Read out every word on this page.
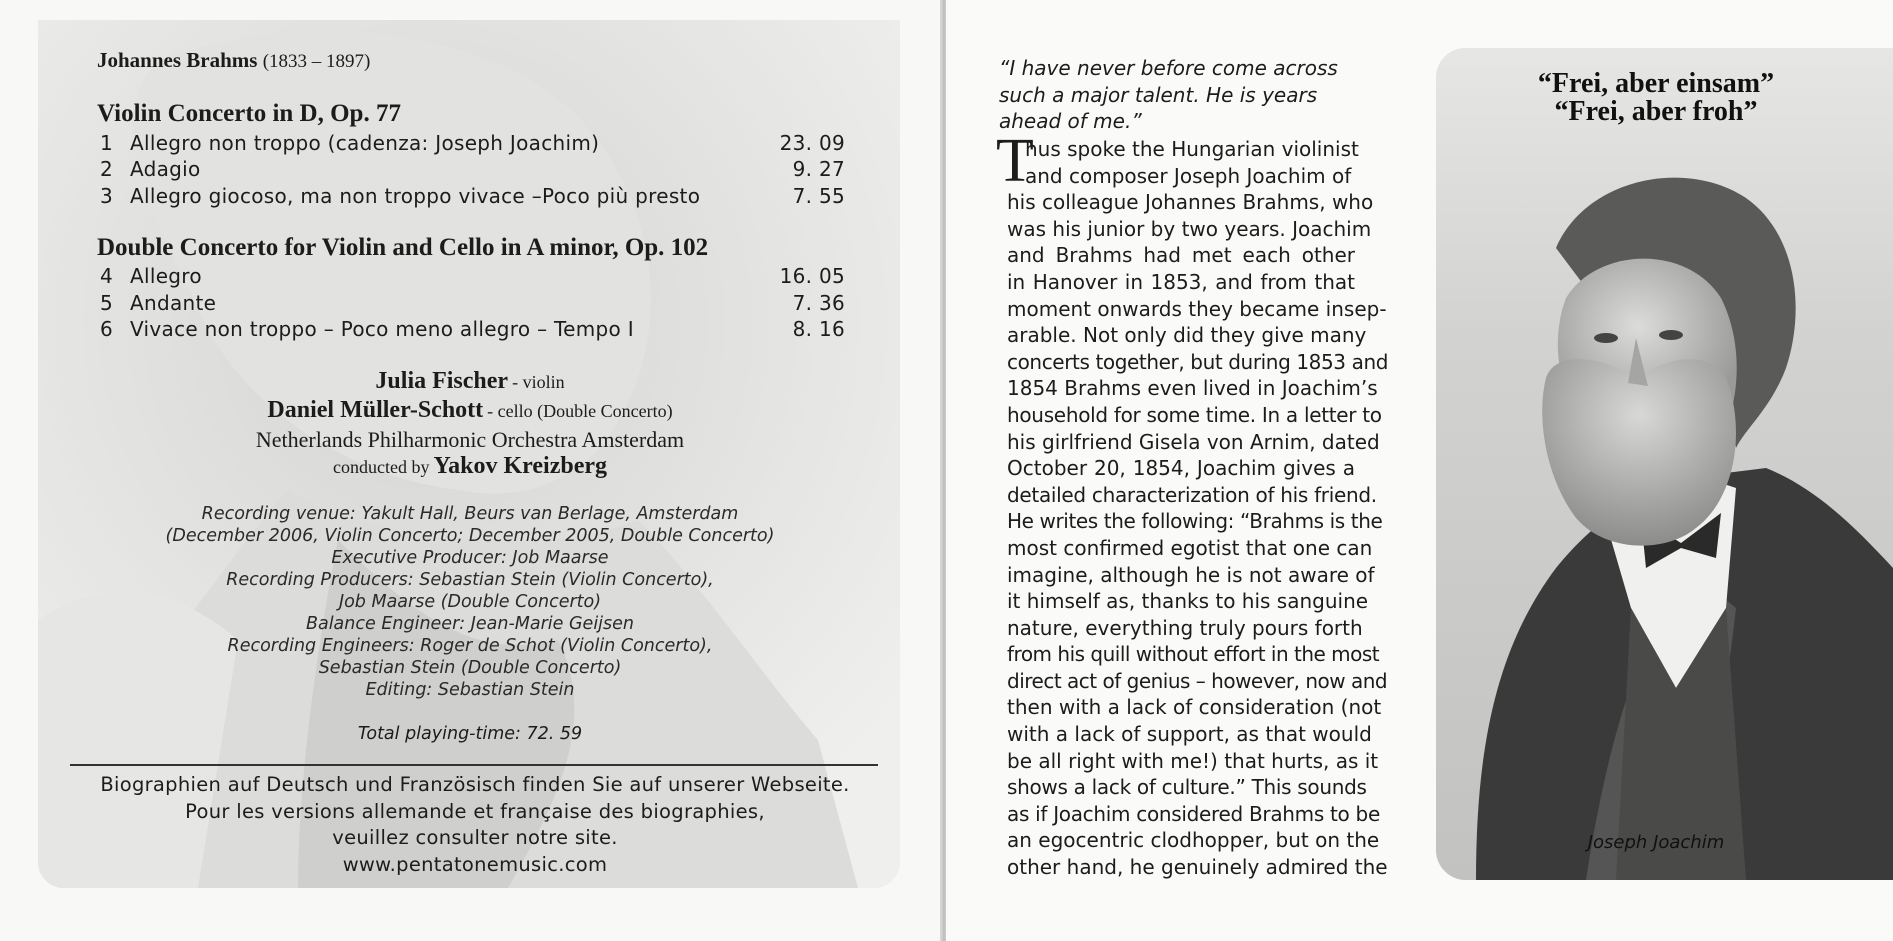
Johannes Brahms (1833 – 1897)
Violin Concerto in D, Op. 77
1 Allegro non troppo (cadenza: Joseph Joachim)	23. 09
2 Adagio	9. 27
3 Allegro giocoso, ma non troppo vivace –Poco più presto	7. 55
Double Concerto for Violin and Cello in A minor, Op. 102
4 Allegro	16. 05
5 Andante	7. 36
6 Vivace non troppo – Poco meno allegro – Tempo I	8. 16
Julia Fischer - violin
Daniel Müller-Schott - cello (Double Concerto)
Netherlands Philharmonic Orchestra Amsterdam
conducted by Yakov Kreizberg
Recording venue: Yakult Hall, Beurs van Berlage, Amsterdam
(December 2006, Violin Concerto; December 2005, Double Concerto)
Executive Producer: Job Maarse
Recording Producers: Sebastian Stein (Violin Concerto),
Job Maarse (Double Concerto)
Balance Engineer: Jean-Marie Geijsen
Recording Engineers: Roger de Schot (Violin Concerto),
Sebastian Stein (Double Concerto)
Editing: Sebastian Stein
Total playing-time: 72. 59
Biographien auf Deutsch und Französisch finden Sie auf unserer Webseite.
Pour les versions allemande et française des biographies,
veuillez consulter notre site.
www.pentatonemusic.com
“I have never before come across
such a major talent. He is years
ahead of me.”
T
hus spoke the Hungarian violinist
and composer Joseph Joachim of
his colleague Johannes Brahms, who
was his junior by two years. Joachim
and Brahms had met each other
in Hanover in 1853, and from that
moment onwards they became insep-
arable. Not only did they give many
concerts together, but during 1853 and
1854 Brahms even lived in Joachim’s
household for some time. In a letter to
his girlfriend Gisela von Arnim, dated
October 20, 1854, Joachim gives a
detailed characterization of his friend.
He writes the following: “Brahms is the
most confirmed egotist that one can
imagine, although he is not aware of
it himself as, thanks to his sanguine
nature, everything truly pours forth
from his quill without effort in the most
direct act of genius – however, now and
then with a lack of consideration (not
with a lack of support, as that would
be all right with me!) that hurts, as it
shows a lack of culture.” This sounds
as if Joachim considered Brahms to be
an egocentric clodhopper, but on the
other hand, he genuinely admired the
“Frei, aber einsam”
“Frei, aber froh”
Joseph Joachim
